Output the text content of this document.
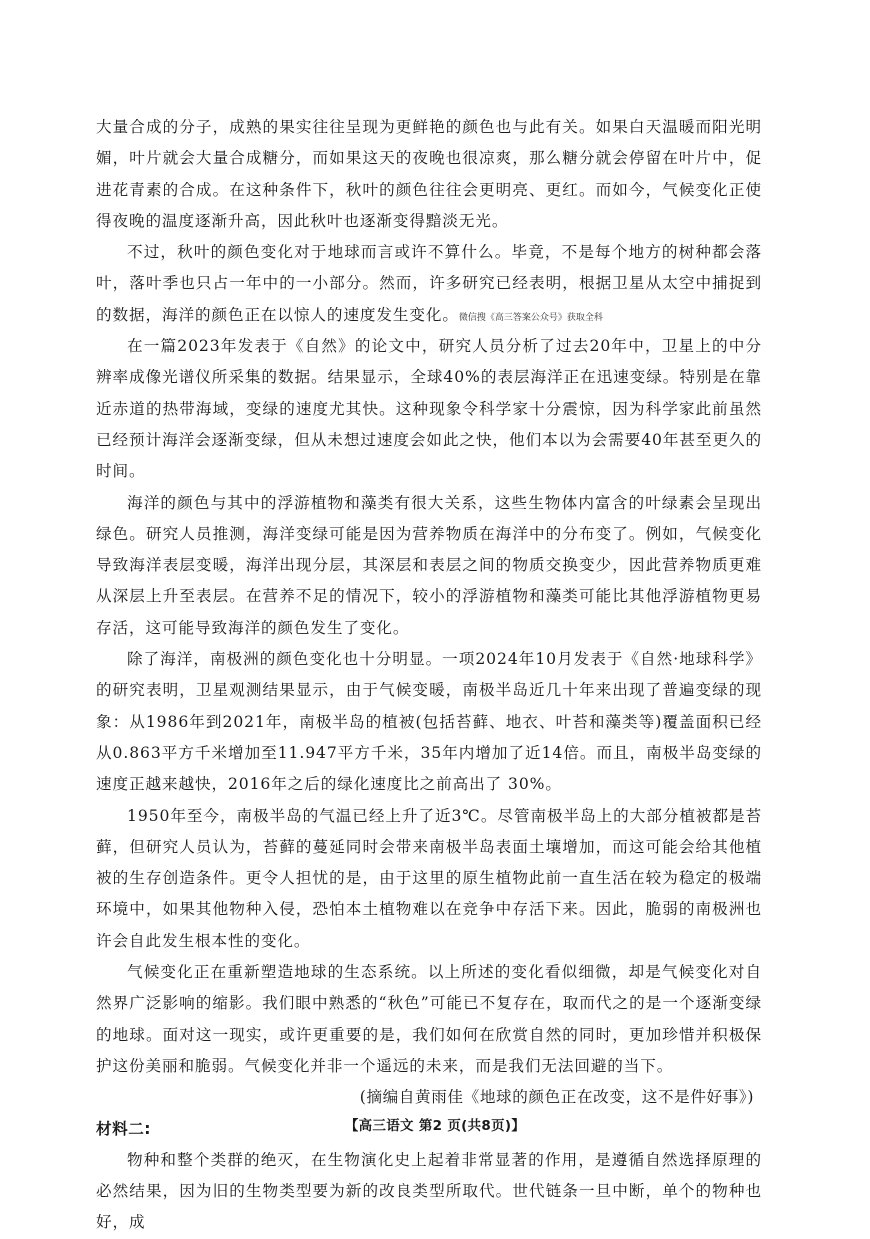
大量合成的分子，成熟的果实往往呈现为更鲜艳的颜色也与此有关。如果白天温暖而阳光明媚，叶片就会大量合成糖分，而如果这天的夜晚也很凉爽，那么糖分就会停留在叶片中，促进花青素的合成。在这种条件下，秋叶的颜色往往会更明亮、更红。而如今，气候变化正使得夜晚的温度逐渐升高，因此秋叶也逐渐变得黯淡无光。

不过，秋叶的颜色变化对于地球而言或许不算什么。毕竟，不是每个地方的树种都会落叶，落叶季也只占一年中的一小部分。然而，许多研究已经表明，根据卫星从太空中捕捉到的数据，海洋的颜色正在以惊人的速度发生变化。微信搜《高三答案公众号》获取全科

在一篇2023年发表于《自然》的论文中，研究人员分析了过去20年中，卫星上的中分辨率成像光谱仪所采集的数据。结果显示，全球40%的表层海洋正在迅速变绿。特别是在靠近赤道的热带海域，变绿的速度尤其快。这种现象令科学家十分震惊，因为科学家此前虽然已经预计海洋会逐渐变绿，但从未想过速度会如此之快，他们本以为会需要40年甚至更久的时间。

海洋的颜色与其中的浮游植物和藻类有很大关系，这些生物体内富含的叶绿素会呈现出绿色。研究人员推测，海洋变绿可能是因为营养物质在海洋中的分布变了。例如，气候变化导致海洋表层变暖，海洋出现分层，其深层和表层之间的物质交换变少，因此营养物质更难从深层上升至表层。在营养不足的情况下，较小的浮游植物和藻类可能比其他浮游植物更易存活，这可能导致海洋的颜色发生了变化。

除了海洋，南极洲的颜色变化也十分明显。一项2024年10月发表于《自然·地球科学》的研究表明，卫星观测结果显示，由于气候变暖，南极半岛近几十年来出现了普遍变绿的现象：从1986年到2021年，南极半岛的植被(包括苔藓、地衣、叶苔和藻类等)覆盖面积已经从0.863平方千米增加至11.947平方千米，35年内增加了近14倍。而且，南极半岛变绿的速度正越来越快，2016年之后的绿化速度比之前高出了 30%。

1950年至今，南极半岛的气温已经上升了近3℃。尽管南极半岛上的大部分植被都是苔藓，但研究人员认为，苔藓的蔓延同时会带来南极半岛表面土壤增加，而这可能会给其他植被的生存创造条件。更令人担忧的是，由于这里的原生植物此前一直生活在较为稳定的极端环境中，如果其他物种入侵，恐怕本土植物难以在竞争中存活下来。因此，脆弱的南极洲也许会自此发生根本性的变化。

气候变化正在重新塑造地球的生态系统。以上所述的变化看似细微，却是气候变化对自然界广泛影响的缩影。我们眼中熟悉的“秋色”可能已不复存在，取而代之的是一个逐渐变绿的地球。面对这一现实，或许更重要的是，我们如何在欣赏自然的同时，更加珍惜并积极保护这份美丽和脆弱。气候变化并非一个遥远的未来，而是我们无法回避的当下。

(摘编自黄雨佳《地球的颜色正在改变，这不是件好事》)

材料二:

物种和整个类群的绝灭，在生物演化史上起着非常显著的作用，是遵循自然选择原理的必然结果，因为旧的生物类型要为新的改良类型所取代。世代链条一旦中断，单个的物种也好，成

【高三语文 第2 页(共8页)】
